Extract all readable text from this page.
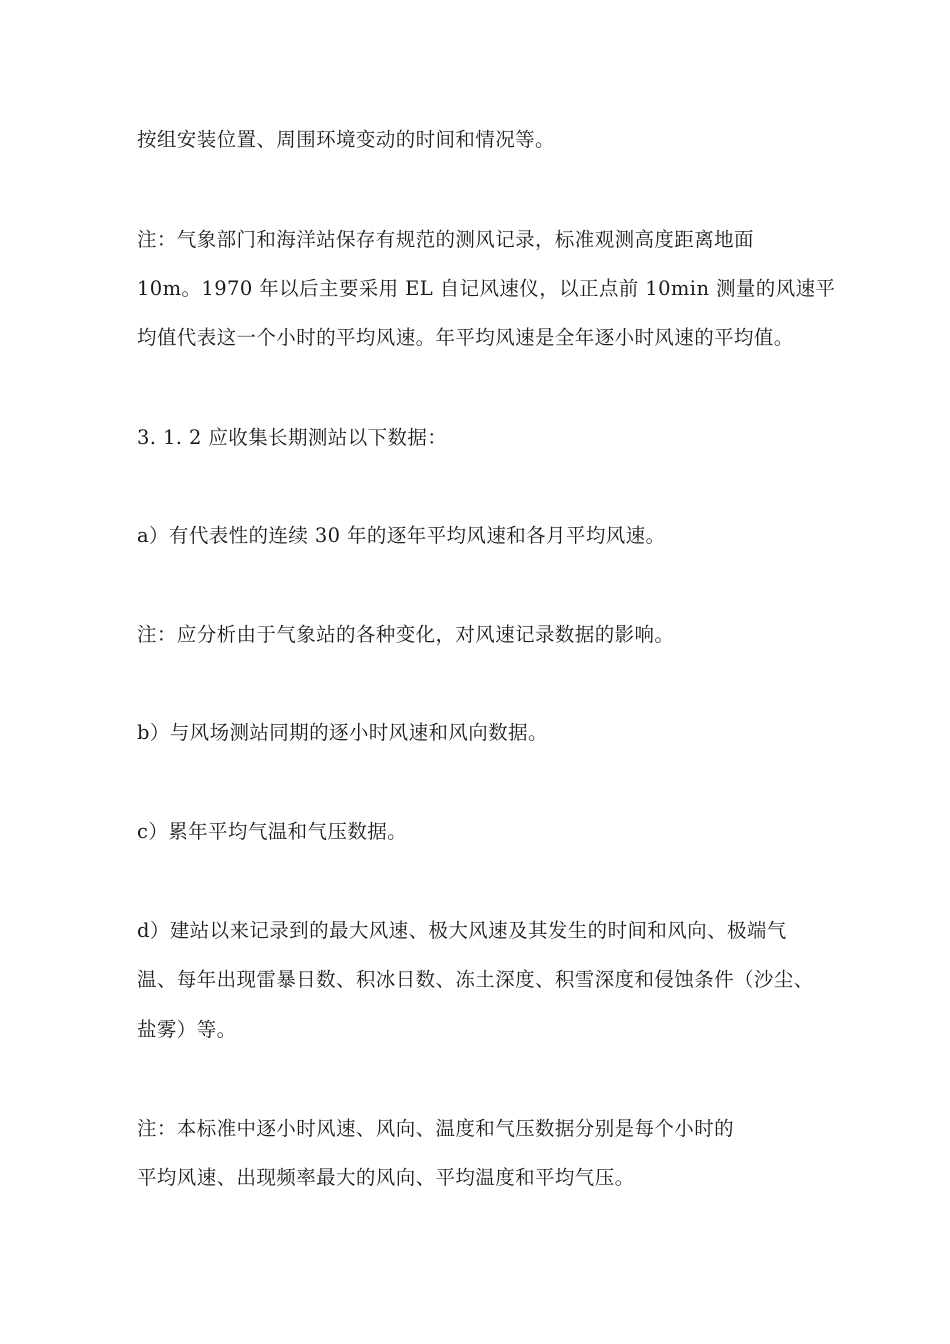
按组安装位置、周围环境变动的时间和情况等。
注：气象部门和海洋站保存有规范的测风记录，标准观测高度距离地面
10m。1970 年以后主要采用 EL 自记风速仪，以正点前 10min 测量的风速平
均值代表这一个小时的平均风速。年平均风速是全年逐小时风速的平均值。
3. 1. 2 应收集长期测站以下数据：
a）有代表性的连续 30 年的逐年平均风速和各月平均风速。
注：应分析由于气象站的各种变化，对风速记录数据的影响。
b）与风场测站同期的逐小时风速和风向数据。
c）累年平均气温和气压数据。
d）建站以来记录到的最大风速、极大风速及其发生的时间和风向、极端气
温、每年出现雷暴日数、积冰日数、冻土深度、积雪深度和侵蚀条件（沙尘、
盐雾）等。
注：本标准中逐小时风速、风向、温度和气压数据分别是每个小时的
平均风速、出现频率最大的风向、平均温度和平均气压。
